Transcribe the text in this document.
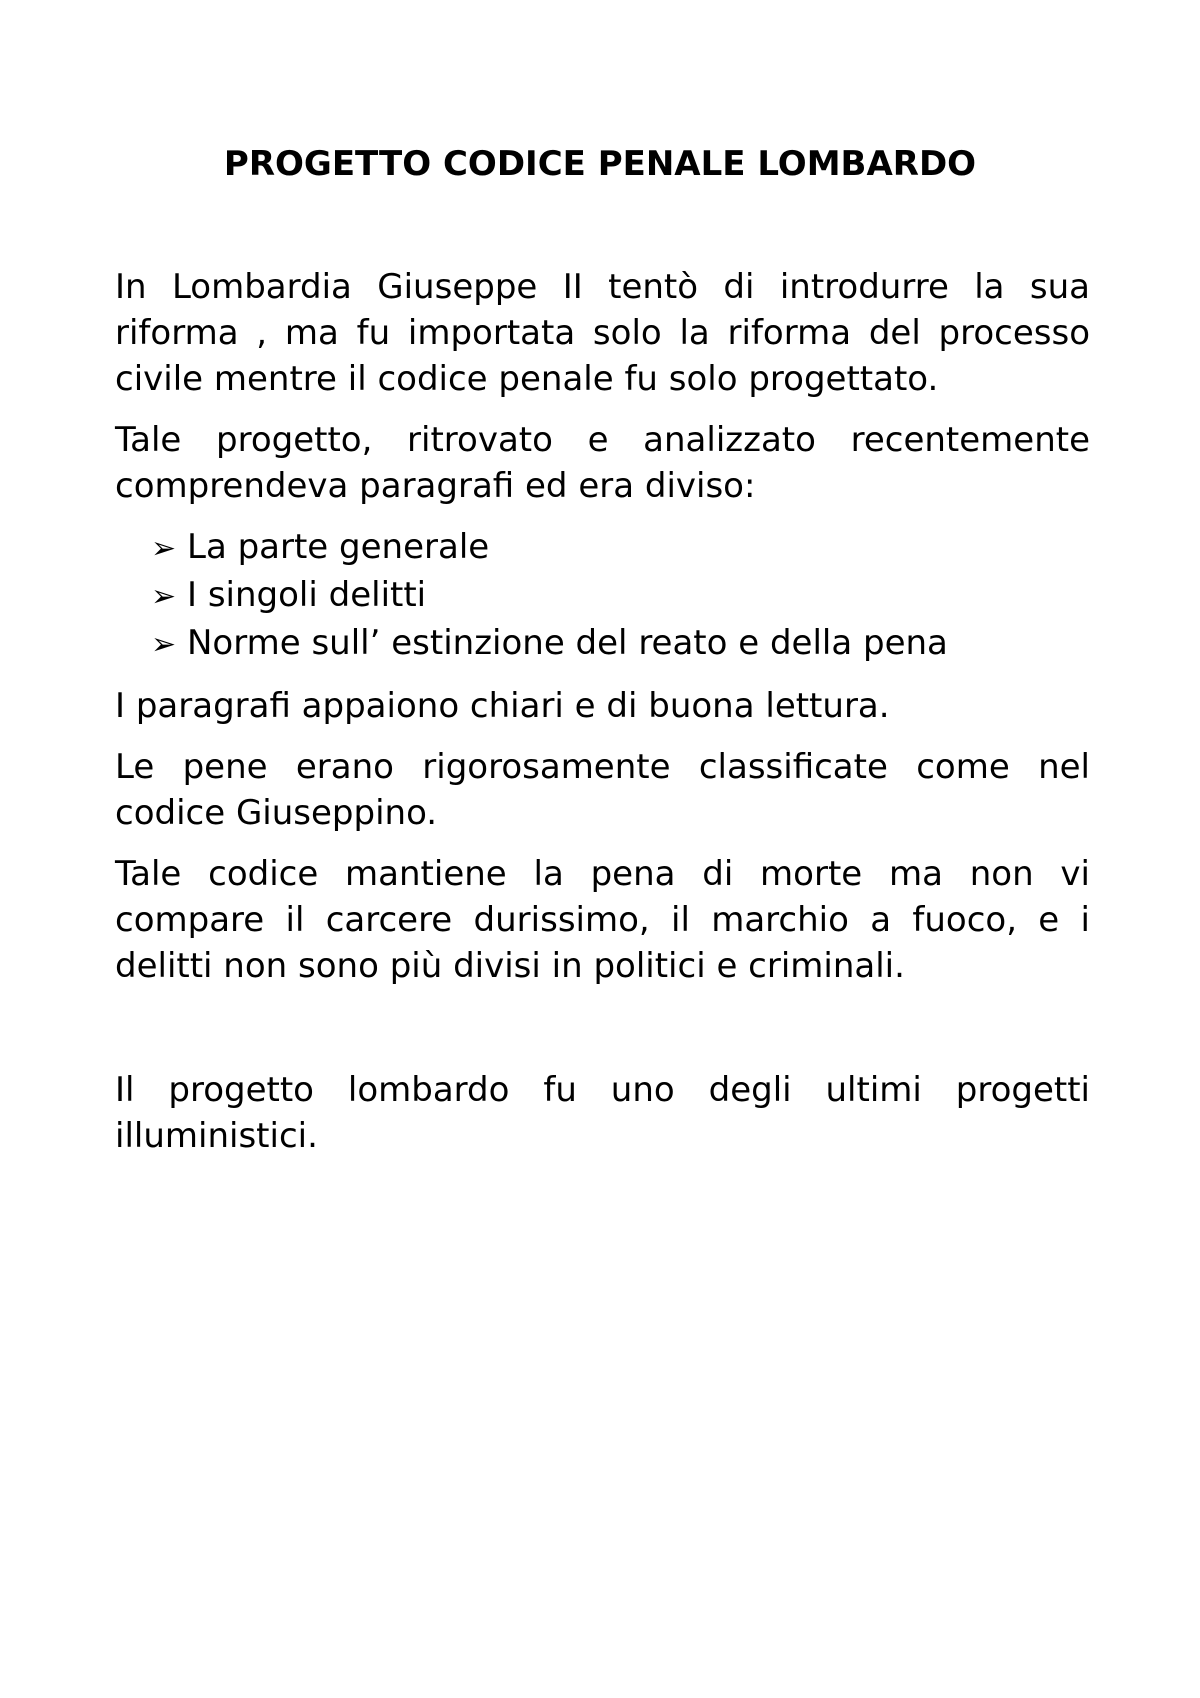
PROGETTO CODICE PENALE LOMBARDO

In Lombardia Giuseppe II tentò di introdurre la sua riforma , ma fu importata solo la riforma del processo civile mentre il codice penale fu solo progettato.

Tale progetto, ritrovato e analizzato recentemente comprendeva paragrafi ed era diviso:

➢ La parte generale
➢ I singoli delitti
➢ Norme sull’ estinzione del reato e della pena

I paragrafi appaiono chiari e di buona lettura.

Le pene erano rigorosamente classificate come nel codice Giuseppino.

Tale codice mantiene la pena di morte ma non vi compare il carcere durissimo, il marchio a fuoco, e i delitti non sono più divisi in politici e criminali.

Il progetto lombardo fu uno degli ultimi progetti illuministici.
